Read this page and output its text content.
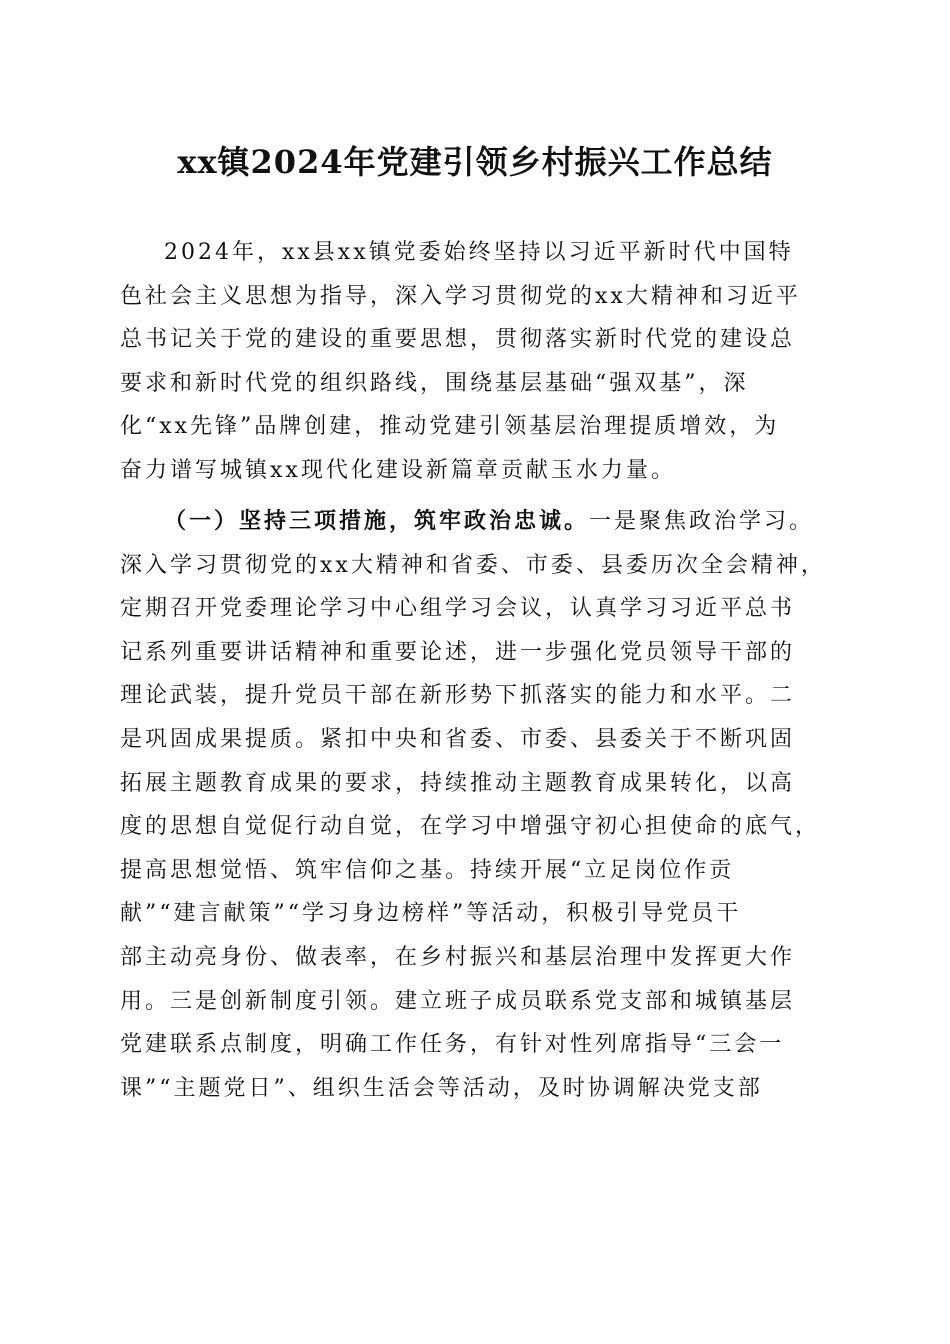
xx镇2024年党建引领乡村振兴工作总结
2024年，xx县xx镇党委始终坚持以习近平新时代中国特
色社会主义思想为指导，深入学习贯彻党的xx大精神和习近平
总书记关于党的建设的重要思想，贯彻落实新时代党的建设总
要求和新时代党的组织路线，围绕基层基础“强双基”，深
化“xx先锋”品牌创建，推动党建引领基层治理提质增效，为
奋力谱写城镇xx现代化建设新篇章贡献玉水力量。
（一）坚持三项措施，筑牢政治忠诚。一是聚焦政治学习。
深入学习贯彻党的xx大精神和省委、市委、县委历次全会精神，
定期召开党委理论学习中心组学习会议，认真学习习近平总书
记系列重要讲话精神和重要论述，进一步强化党员领导干部的
理论武装，提升党员干部在新形势下抓落实的能力和水平。二
是巩固成果提质。紧扣中央和省委、市委、县委关于不断巩固
拓展主题教育成果的要求，持续推动主题教育成果转化，以高
度的思想自觉促行动自觉，在学习中增强守初心担使命的底气，
提高思想觉悟、筑牢信仰之基。持续开展“立足岗位作贡
献”“建言献策”“学习身边榜样”等活动，积极引导党员干
部主动亮身份、做表率，在乡村振兴和基层治理中发挥更大作
用。三是创新制度引领。建立班子成员联系党支部和城镇基层
党建联系点制度，明确工作任务，有针对性列席指导“三会一
课”“主题党日”、组织生活会等活动，及时协调解决党支部
